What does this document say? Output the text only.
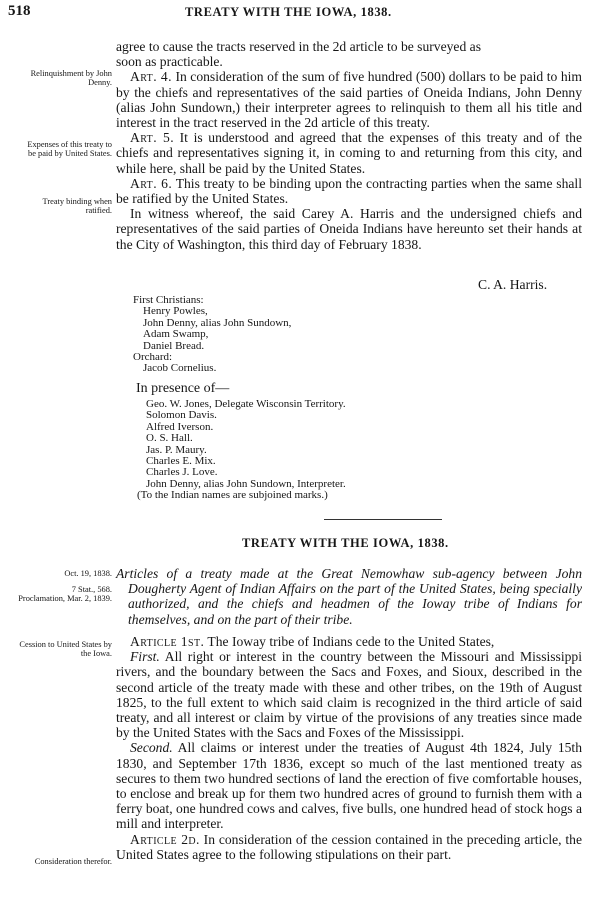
518	TREATY WITH THE IOWA, 1838.
Relinquishment by John Denny.
Expenses of this treaty to be paid by United States.
Treaty binding when ratified.
Oct. 19, 1838.
7 Stat., 568.
Proclamation, Mar. 2, 1839.
Cession to United States by the Iowa.
Consideration therefor.

agree to cause the tracts reserved in the 2d article to be surveyed as

soon as practicable.

Art. 4. In consideration of the sum of five hundred (500) dollars to be paid to him by the chiefs and representatives of the said parties of Oneida Indians, John Denny (alias John Sundown,) their interpreter agrees to relinquish to them all his title and interest in the tract reserved in the 2d article of this treaty.

Art. 5. It is understood and agreed that the expenses of this treaty and of the chiefs and representatives signing it, in coming to and returning from this city, and while here, shall be paid by the United States.

Art. 6. This treaty to be binding upon the contracting parties when the same shall be ratified by the United States.

In witness whereof, the said Carey A. Harris and the undersigned chiefs and representatives of the said parties of Oneida Indians have hereunto set their hands at the City of Washington, this third day of February 1838.

C. A. Harris.
First Christians:
Henry Powles,
John Denny, alias John Sundown,
Adam Swamp,
Daniel Bread.
Orchard:
Jacob Cornelius.
In presence of—
Geo. W. Jones, Delegate Wisconsin Territory.
Solomon Davis.
Alfred Iverson.
O. S. Hall.
Jas. P. Maury.
Charles E. Mix.
Charles J. Love.
John Denny, alias John Sundown, Interpreter.
(To the Indian names are subjoined marks.)
TREATY WITH THE IOWA, 1838.

Articles of a treaty made at the Great Nemowhaw sub-agency between John Dougherty Agent of Indian Affairs on the part of the United States, being specially authorized, and the chiefs and headmen of the Ioway tribe of Indians for themselves, and on the part of their tribe.

Article 1st. The Ioway tribe of Indians cede to the United States,

First. All right or interest in the country between the Missouri and Mississippi rivers, and the boundary between the Sacs and Foxes, and Sioux, described in the second article of the treaty made with these and other tribes, on the 19th of August 1825, to the full extent to which said claim is recognized in the third article of said treaty, and all interest or claim by virtue of the provisions of any treaties since made by the United States with the Sacs and Foxes of the Mississippi.

Second. All claims or interest under the treaties of August 4th 1824, July 15th 1830, and September 17th 1836, except so much of the last mentioned treaty as secures to them two hundred sections of land the erection of five comfortable houses, to enclose and break up for them two hundred acres of ground to furnish them with a ferry boat, one hundred cows and calves, five bulls, one hundred head of stock hogs a mill and interpreter.

Article 2d. In consideration of the cession contained in the preceding article, the United States agree to the following stipulations on their part.
